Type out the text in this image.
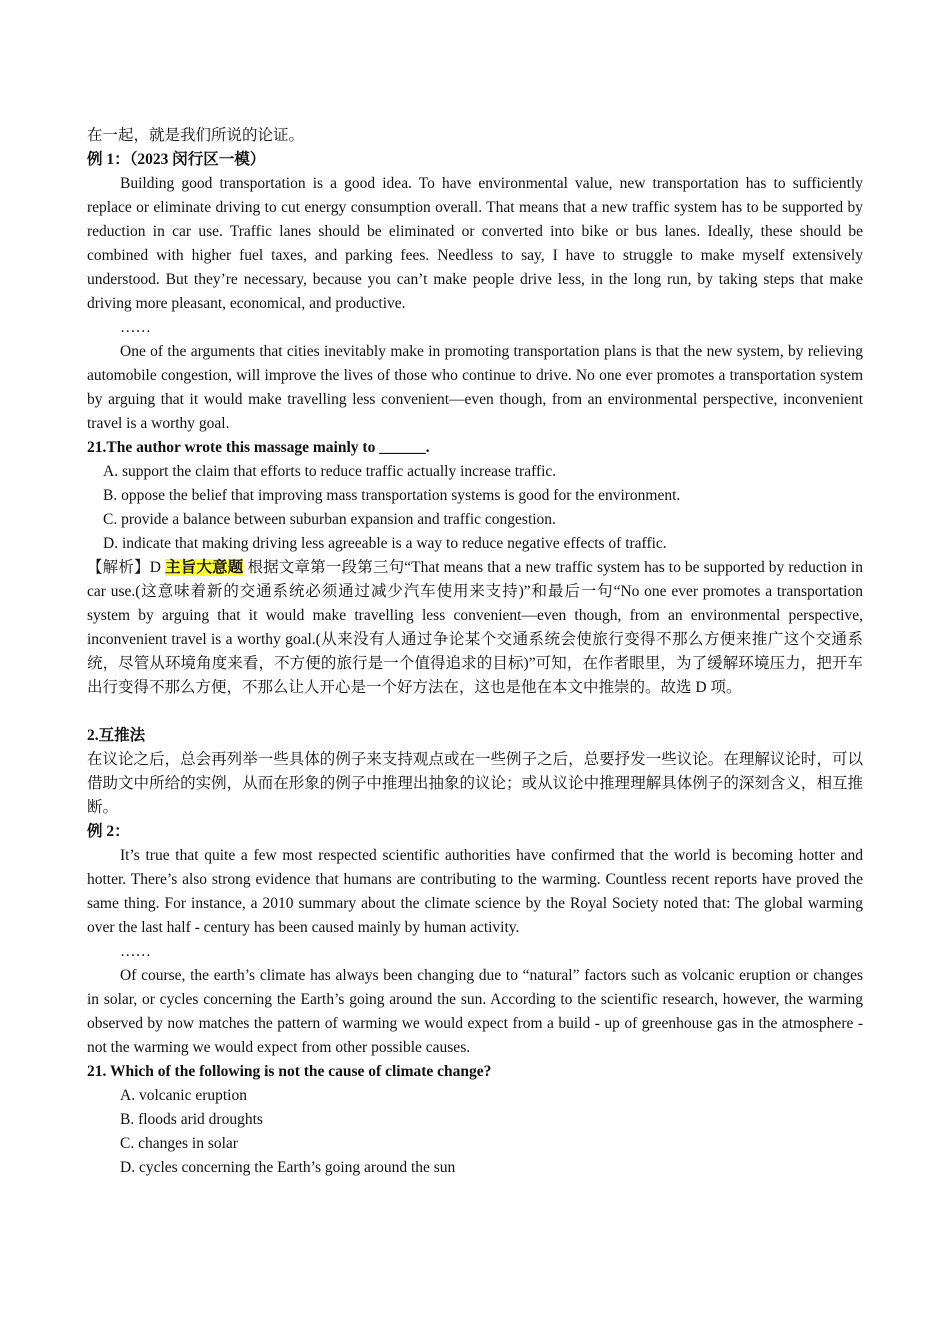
在一起，就是我们所说的论证。

例 1：（2023 闵行区一模）

Building good transportation is a good idea. To have environmental value, new transportation has to sufficiently replace or eliminate driving to cut energy consumption overall. That means that a new traffic system has to be supported by reduction in car use. Traffic lanes should be eliminated or converted into bike or bus lanes. Ideally, these should be combined with higher fuel taxes, and parking fees. Needless to say, I have to struggle to make myself extensively understood. But they’re necessary, because you can’t make people drive less, in the long run, by taking steps that make driving more pleasant, economical, and productive.

……

One of the arguments that cities inevitably make in promoting transportation plans is that the new system, by relieving automobile congestion, will improve the lives of those who continue to drive. No one ever promotes a transportation system by arguing that it would make travelling less convenient—even though, from an environmental perspective, inconvenient travel is a worthy goal.

21.The author wrote this massage mainly to ______.

A. support the claim that efforts to reduce traffic actually increase traffic.

B. oppose the belief that improving mass transportation systems is good for the environment.

C. provide a balance between suburban expansion and traffic congestion.

D. indicate that making driving less agreeable is a way to reduce negative effects of traffic.

【解析】D 主旨大意题 根据文章第一段第三句“That means that a new traffic system has to be supported by reduction in car use.(这意味着新的交通系统必须通过减少汽车使用来支持)”和最后一句“No one ever promotes a transportation system by arguing that it would make travelling less convenient—even though, from an environmental perspective, inconvenient travel is a worthy goal.(从来没有人通过争论某个交通系统会使旅行变得不那么方便来推广这个交通系统，尽管从环境角度来看，不方便的旅行是一个值得追求的目标)”可知，在作者眼里，为了缓解环境压力，把开车出行变得不那么方便，不那么让人开心是一个好方法在，这也是他在本文中推崇的。故选 D 项。

2.互推法

在议论之后，总会再列举一些具体的例子来支持观点或在一些例子之后，总要抒发一些议论。在理解议论时，可以借助文中所给的实例，从而在形象的例子中推理出抽象的议论；或从议论中推理理解具体例子的深刻含义，相互推断。

例 2：

It’s true that quite a few most respected scientific authorities have confirmed that the world is becoming hotter and hotter. There’s also strong evidence that humans are contributing to the warming. Countless recent reports have proved the same thing. For instance, a 2010 summary about the climate science by the Royal Society noted that: The global warming over the last half - century has been caused mainly by human activity.

……

Of course, the earth’s climate has always been changing due to “natural” factors such as volcanic eruption or changes in solar, or cycles concerning the Earth’s going around the sun. According to the scientific research, however, the warming observed by now matches the pattern of warming we would expect from a build - up of greenhouse gas in the atmosphere - not the warming we would expect from other possible causes.

21. Which of the following is not the cause of climate change?

A. volcanic eruption

B. floods arid droughts

C. changes in solar

D. cycles concerning the Earth’s going around the sun
